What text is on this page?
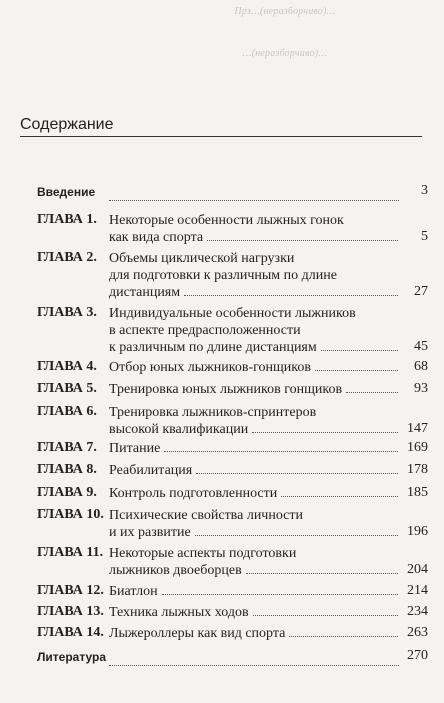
Прз…(неразборчиво)…
…(неразборчиво)…
Содержание
Введение	3
ГЛАВА 1. Некоторые особенности лыжных гонок
как вида спорта	5
ГЛАВА 2. Объемы циклической нагрузки
для подготовки к различным по длине
дистанциям	27
ГЛАВА 3. Индивидуальные особенности лыжников
в аспекте предрасположенности
к различным по длине дистанциям	45
ГЛАВА 4. Отбор юных лыжников-гонщиков	68
ГЛАВА 5. Тренировка юных лыжников гонщиков	93
ГЛАВА 6. Тренировка лыжников-спринтеров
высокой квалификации	147
ГЛАВА 7. Питание	169
ГЛАВА 8. Реабилитация	178
ГЛАВА 9. Контроль подготовленности	185
ГЛАВА 10. Психические свойства личности
и их развитие	196
ГЛАВА 11. Некоторые аспекты подготовки
лыжников двоеборцев	204
ГЛАВА 12. Биатлон	214
ГЛАВА 13. Техника лыжных ходов	234
ГЛАВА 14. Лыжероллеры как вид спорта	263
Литература	270
